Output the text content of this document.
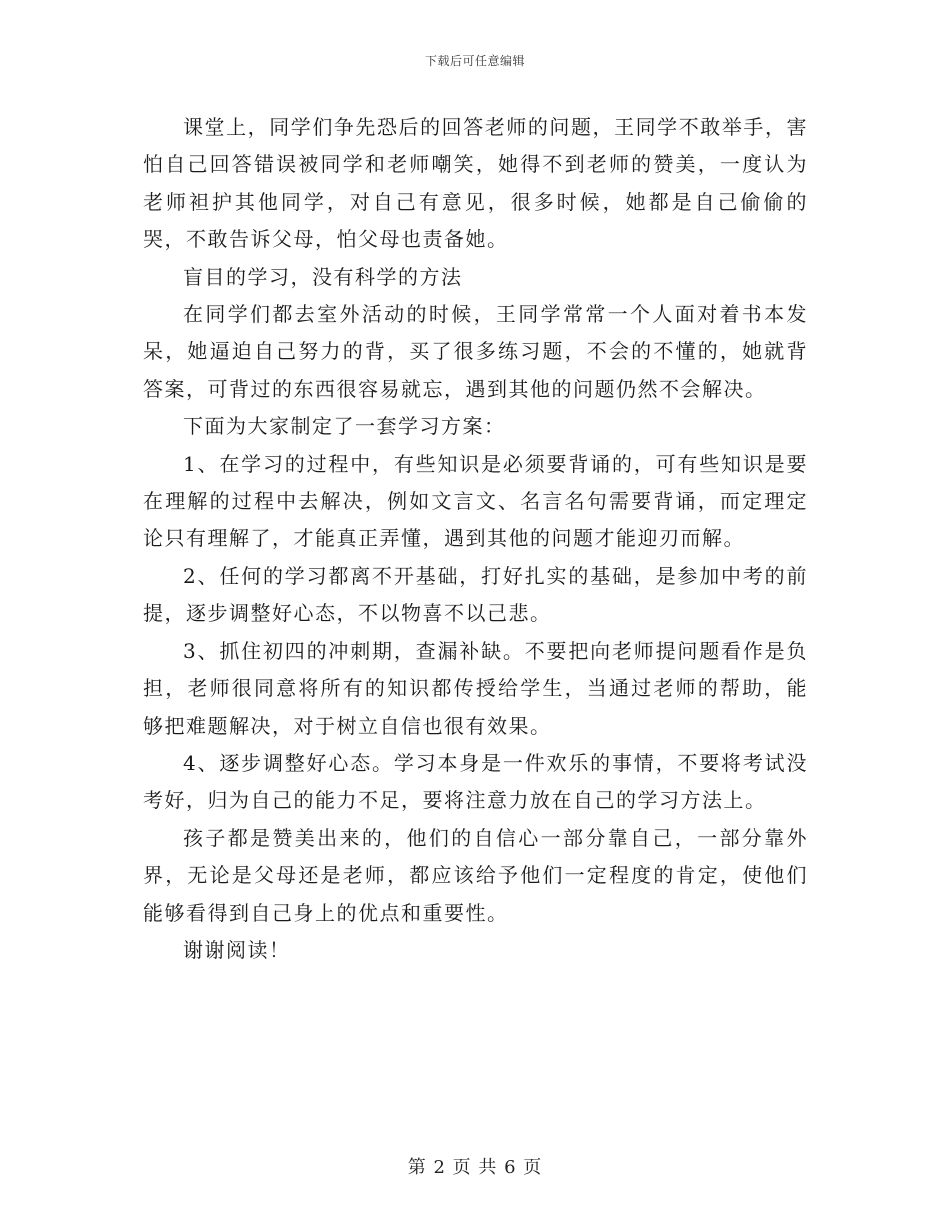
下载后可任意编辑

课堂上，同学们争先恐后的回答老师的问题，王同学不敢举手，害怕自己回答错误被同学和老师嘲笑，她得不到老师的赞美，一度认为老师袒护其他同学，对自己有意见，很多时候，她都是自己偷偷的哭，不敢告诉父母，怕父母也责备她。

盲目的学习，没有科学的方法

在同学们都去室外活动的时候，王同学常常一个人面对着书本发呆，她逼迫自己努力的背，买了很多练习题，不会的不懂的，她就背答案，可背过的东西很容易就忘，遇到其他的问题仍然不会解决。

下面为大家制定了一套学习方案：

1、在学习的过程中，有些知识是必须要背诵的，可有些知识是要在理解的过程中去解决，例如文言文、名言名句需要背诵，而定理定论只有理解了，才能真正弄懂，遇到其他的问题才能迎刃而解。

2、任何的学习都离不开基础，打好扎实的基础，是参加中考的前提，逐步调整好心态，不以物喜不以己悲。

3、抓住初四的冲刺期，查漏补缺。不要把向老师提问题看作是负担，老师很同意将所有的知识都传授给学生，当通过老师的帮助，能够把难题解决，对于树立自信也很有效果。

4、逐步调整好心态。学习本身是一件欢乐的事情，不要将考试没考好，归为自己的能力不足，要将注意力放在自己的学习方法上。

孩子都是赞美出来的，他们的自信心一部分靠自己，一部分靠外界，无论是父母还是老师，都应该给予他们一定程度的肯定，使他们能够看得到自己身上的优点和重要性。

谢谢阅读！

第 2 页 共 6 页
